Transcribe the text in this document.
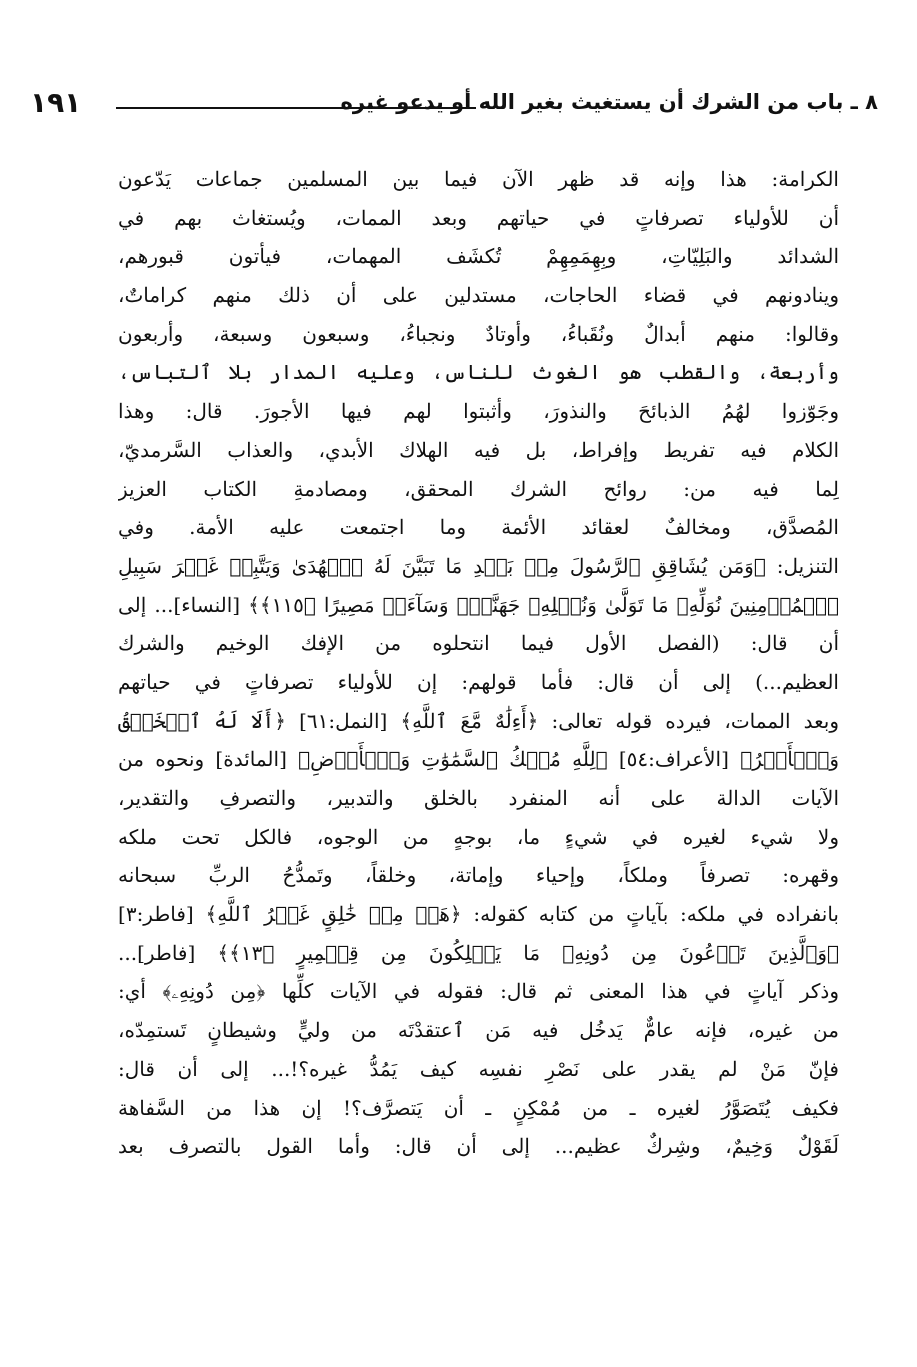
٨ ـ باب من الشرك أن يستغيث بغير الله أو يدعو غيره
١٩١
الكرامة: هذا وإنه قد ظهر الآن فيما بين المسلمين جماعات يَدّعون
أن للأولياء تصرفاتٍ في حياتهم وبعد الممات، ويُستغاث بهم في
الشدائد والبَلِيّاتِ، وبِهِمَمِهِمْ تُكشَف المهمات، فيأتون قبورهم،
وينادونهم في قضاء الحاجات، مستدلين على أن ذلك منهم كراماتٌ،
وقالوا: منهم أبدالٌ ونُقَباءُ، وأوتادٌ ونجباءُ، وسبعون وسبعة، وأربعون
وأربعة، والقطب هو الغوث للناس، وعليه المدار بلا ٱلتباس،
وجَوّزوا لهُمُ الذبائحَ والنذورَ، وأثبتوا لهم فيها الأجورَ. قال: وهذا
الكلام فيه تفريط وإفراط، بل فيه الهلاك الأبدي، والعذاب السَّرمديّ،
لِما فيه من: روائح الشرك المحقق، ومصادمةِ الكتاب العزيز
المُصدَّق، ومخالفٌ لعقائد الأئمة وما اجتمعت عليه الأمة. وفي
التنزيل: ﴿وَمَن يُشَاقِقِ ٱلرَّسُولَ مِنۢ بَعۡدِ مَا تَبَيَّنَ لَهُ ٱلۡهُدَىٰ وَيَتَّبِعۡ غَيۡرَ سَبِيلِ
ٱلۡمُؤۡمِنِينَ نُوَلِّهِۦ مَا تَوَلَّىٰ وَنُصۡلِهِۦ جَهَنَّمَۖ وَسَآءَتۡ مَصِيرًا ﴿١١٥﴾﴾ [النساء]... إلى
أن قال: (الفصل الأول فيما انتحلوه من الإفك الوخيم والشرك
العظيم...) إلى أن قال: فأما قولهم: إن للأولياء تصرفاتٍ في حياتهم
وبعد الممات، فيرده قوله تعالى: ﴿أَءِلَٰهٌ مَّعَ ٱللَّهِ﴾ [النمل:٦١] ﴿أَلَا لَهُ ٱلۡخَلۡقُ
وَٱلۡأَمۡرُ﴾ [الأعراف:٥٤] ﴿لِلَّهِ مُلۡكُ ٱلسَّمَٰوَٰتِ وَٱلۡأَرۡضِ﴾ [المائدة] ونحوه من
الآيات الدالة على أنه المنفرد بالخلق والتدبير، والتصرفِ والتقدير،
ولا شيء لغيره في شيءٍ ما، بوجهٍ من الوجوه، فالكل تحت ملكه
وقهره: تصرفاً وملكاً، وإحياء وإماتة، وخلقاً، وتَمدُّحُ الربِّ سبحانه
بانفراده في ملكه: بآياتٍ من كتابه كقوله: ﴿هَلۡ مِنۡ خَٰلِقٍ غَيۡرُ ٱللَّهِ﴾ [فاطر:٣]
﴿وَٱلَّذِينَ تَدۡعُونَ مِن دُونِهِۦ مَا يَمۡلِكُونَ مِن قِطۡمِيرٍ ﴿١٣﴾﴾ [فاطر]...
وذكر آياتٍ في هذا المعنى ثم قال: فقوله في الآيات كلِّها ﴿مِن دُونِهِۦ﴾ أي:
من غيره، فإنه عامٌّ يَدخُل فيه مَن ٱعتقدْتَه من وليٍّ وشيطانٍ تَستمِدّه،
فإنّ مَنْ لم يقدر على نَصْرِ نفسِه كيف يَمُدُّ غيره؟!... إلى أن قال:
فكيف يُتَصَوَّرُ لغيره ـ من مُمْكِنٍ ـ أن يَتصرَّف؟! إن هذا من السَّفاهة
لَقَوْلٌ وَخِيمٌ، وشِركٌ عظيم... إلى أن قال: وأما القول بالتصرف بعد
